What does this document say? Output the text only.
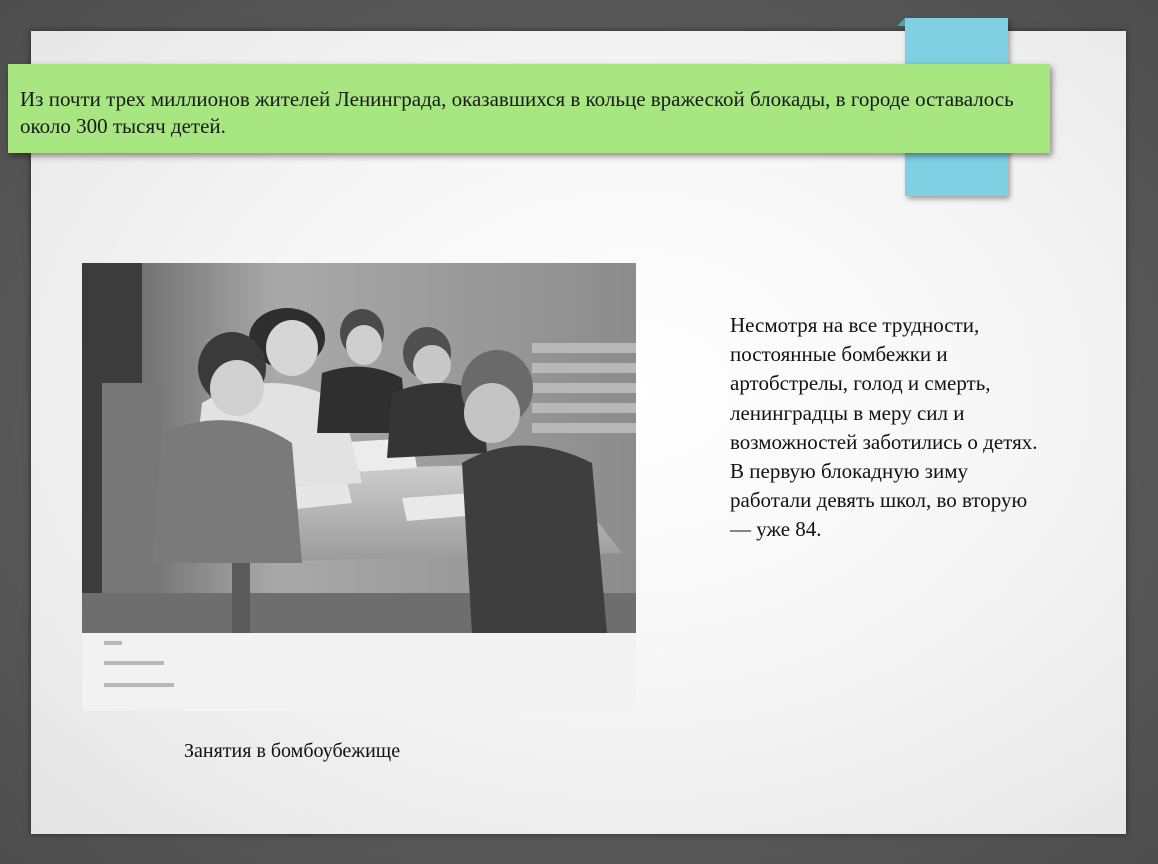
Из почти трех миллионов жителей Ленинграда, оказавшихся в кольце вражеской блокады, в городе оставалось около 300 тысяч детей.
Занятия в бомбоубежище
Несмотря на все трудности, постоянные бомбежки и артобстрелы, голод и смерть, ленинградцы в меру сил и возможностей заботились о детях. В первую блокадную зиму работали девять школ, во вторую — уже 84.
